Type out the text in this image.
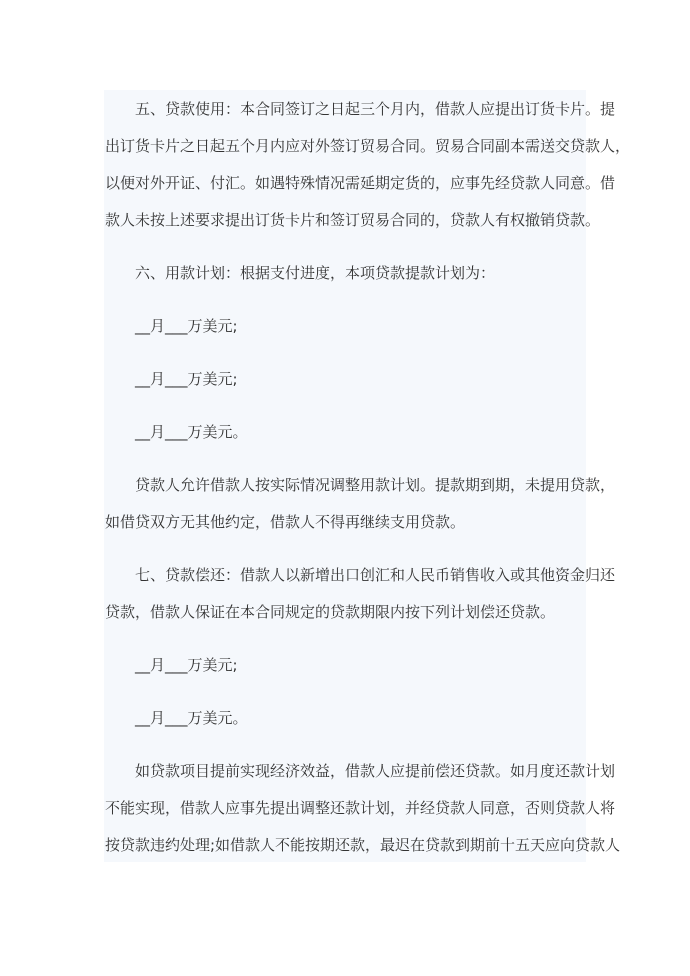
五、贷款使用：本合同签订之日起三个月内，借款人应提出订货卡片。提
出订货卡片之日起五个月内应对外签订贸易合同。贸易合同副本需送交贷款人，
以便对外开证、付汇。如遇特殊情况需延期定货的，应事先经贷款人同意。借
款人未按上述要求提出订货卡片和签订贸易合同的，贷款人有权撤销贷款。
六、用款计划：根据支付进度，本项贷款提款计划为：
__月___万美元;
__月___万美元;
__月___万美元。
贷款人允许借款人按实际情况调整用款计划。提款期到期，未提用贷款，
如借贷双方无其他约定，借款人不得再继续支用贷款。
七、贷款偿还：借款人以新增出口创汇和人民币销售收入或其他资金归还
贷款，借款人保证在本合同规定的贷款期限内按下列计划偿还贷款。
__月___万美元;
__月___万美元。
如贷款项目提前实现经济效益，借款人应提前偿还贷款。如月度还款计划
不能实现，借款人应事先提出调整还款计划，并经贷款人同意，否则贷款人将
按贷款违约处理;如借款人不能按期还款，最迟在贷款到期前十五天应向贷款人
